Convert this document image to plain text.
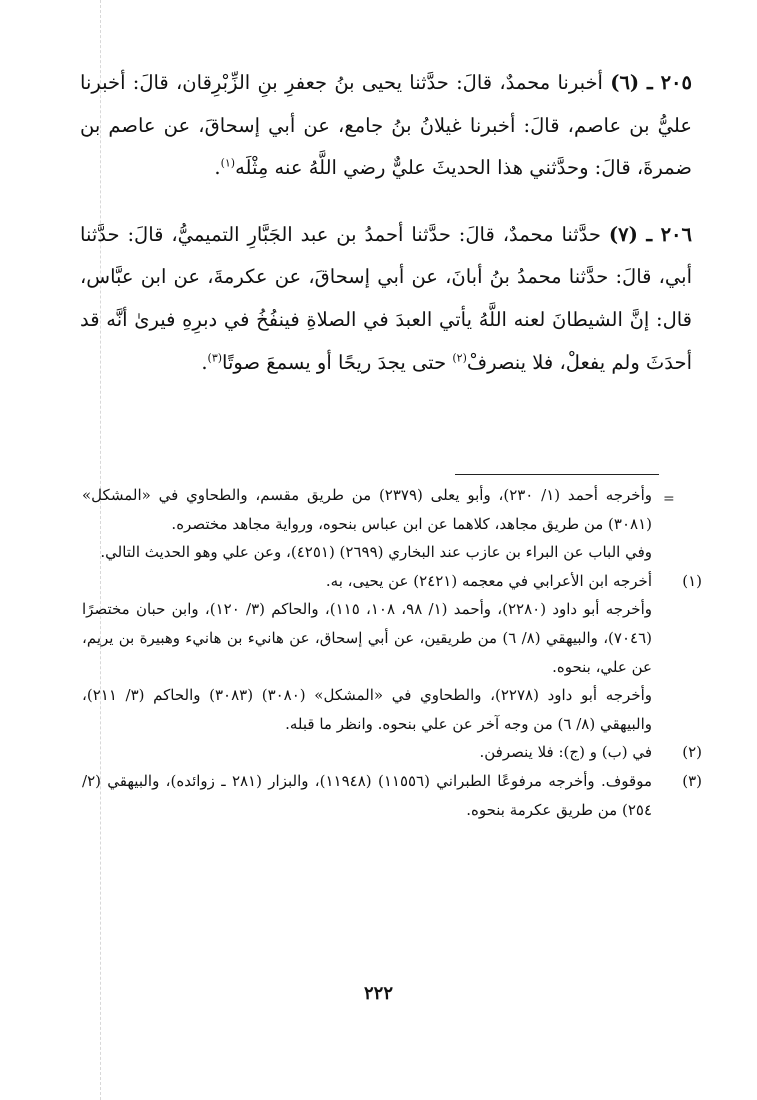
٢٠٥ ـ (٦) أخبرنا محمدٌ، قالَ: حدَّثنا يحيى بنُ جعفرِ بنِ الزِّبْرِقان، قالَ: أخبرنا عليُّ بن عاصم، قالَ: أخبرنا غيلانُ بنُ جامع، عن أبي إسحاقَ، عن عاصم بن ضمرةَ، قالَ: وحدَّثني هذا الحديثَ عليٌّ رضي اللَّهُ عنه مِثْلَه$^{(١)}$.

٢٠٦ ـ (٧) حدَّثنا محمدٌ، قالَ: حدَّثنا أحمدُ بن عبد الجَبَّارِ التميميُّ، قالَ: حدَّثنا أبي، قالَ: حدَّثنا محمدُ بنُ أبانَ، عن أبي إسحاقَ، عن عكرمةَ، عن ابن عبَّاس، قال: إنَّ الشيطانَ لعنه اللَّهُ يأتي العبدَ في الصلاةِ فينفُخُ في دبرِهِ فيرىٰ أنَّه قد أحدَثَ ولم يفعلْ، فلا ينصرفْ$^{(٢)}$ حتى يجدَ ريحًا أو يسمعَ صوتًا$^{(٣)}$.

=

وأخرجه أحمد (١/ ٢٣٠)، وأبو يعلى (٢٣٧٩) من طريق مقسم، والطحاوي في «المشكل» (٣٠٨١) من طريق مجاهد، كلاهما عن ابن عباس بنحوه، ورواية مجاهد مختصره.

وفي الباب عن البراء بن عازب عند البخاري (٢٦٩٩) (٤٢٥١)، وعن علي وهو الحديث التالي.

(١)

أخرجه ابن الأعرابي في معجمه (٢٤٢١) عن يحيى، به.

وأخرجه أبو داود (٢٢٨٠)، وأحمد (١/ ٩٨، ١٠٨، ١١٥)، والحاكم (٣/ ١٢٠)، وابن حبان مختصرًا (٧٠٤٦)، والبيهقي (٨/ ٦) من طريقين، عن أبي إسحاق، عن هانيء بن هانيء وهبيرة بن يريم، عن علي، بنحوه.

وأخرجه أبو داود (٢٢٧٨)، والطحاوي في «المشكل» (٣٠٨٠) (٣٠٨٣) والحاكم (٣/ ٢١١)، والبيهقي (٨/ ٦) من وجه آخر عن علي بنحوه. وانظر ما قبله.

(٢)

في (ب) و (ج): فلا ينصرفن.

(٣)

موقوف. وأخرجه مرفوعًا الطبراني (١١٥٥٦) (١١٩٤٨)، والبزار (٢٨١ ـ زوائده)، والبيهقي (٢/ ٢٥٤) من طريق عكرمة بنحوه.

٢٢٢
